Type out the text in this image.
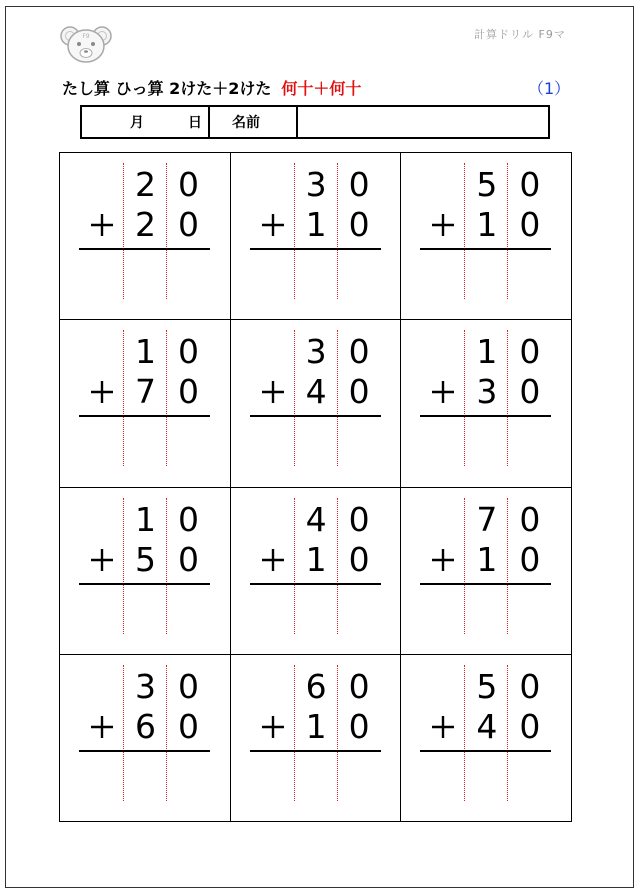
F9	計算ドリル F9マ
たし算 ひっ算 2けた＋2けた 何十＋何十	（1）
月	日	名前
2 0
2 0
3 0
1 0
5 0
1 0
1 0
7 0
3 0
4 0
1 0
3 0
1 0
5 0
4 0
1 0
7 0
1 0
3 0
6 0
6 0
1 0
5 0
4 0
